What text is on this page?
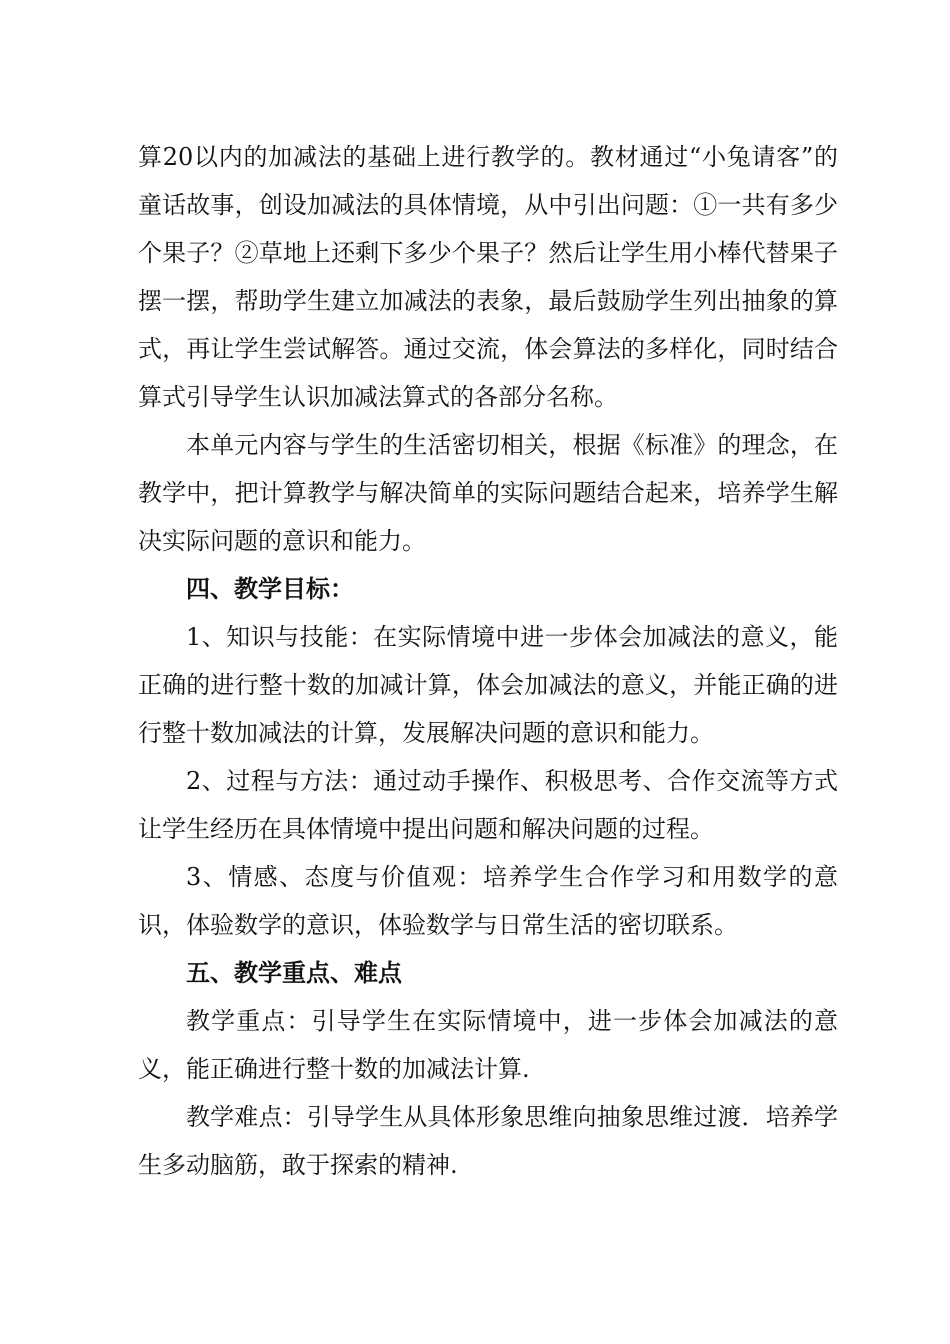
算20以内的加减法的基础上进行教学的。教材通过“小兔请客”的童话故事，创设加减法的具体情境，从中引出问题：①一共有多少个果子？②草地上还剩下多少个果子？然后让学生用小棒代替果子摆一摆，帮助学生建立加减法的表象，最后鼓励学生列出抽象的算式，再让学生尝试解答。通过交流，体会算法的多样化，同时结合算式引导学生认识加减法算式的各部分名称。

本单元内容与学生的生活密切相关，根据《标准》的理念，在教学中，把计算教学与解决简单的实际问题结合起来，培养学生解决实际问题的意识和能力。

四、教学目标：

1、知识与技能：在实际情境中进一步体会加减法的意义，能正确的进行整十数的加减计算，体会加减法的意义，并能正确的进行整十数加减法的计算，发展解决问题的意识和能力。

2、过程与方法：通过动手操作、积极思考、合作交流等方式让学生经历在具体情境中提出问题和解决问题的过程。

3、情感、态度与价值观：培养学生合作学习和用数学的意识，体验数学的意识，体验数学与日常生活的密切联系。

五、教学重点、难点

教学重点：引导学生在实际情境中，进一步体会加减法的意义，能正确进行整十数的加减法计算.

教学难点：引导学生从具体形象思维向抽象思维过渡．培养学生多动脑筋，敢于探索的精神.
